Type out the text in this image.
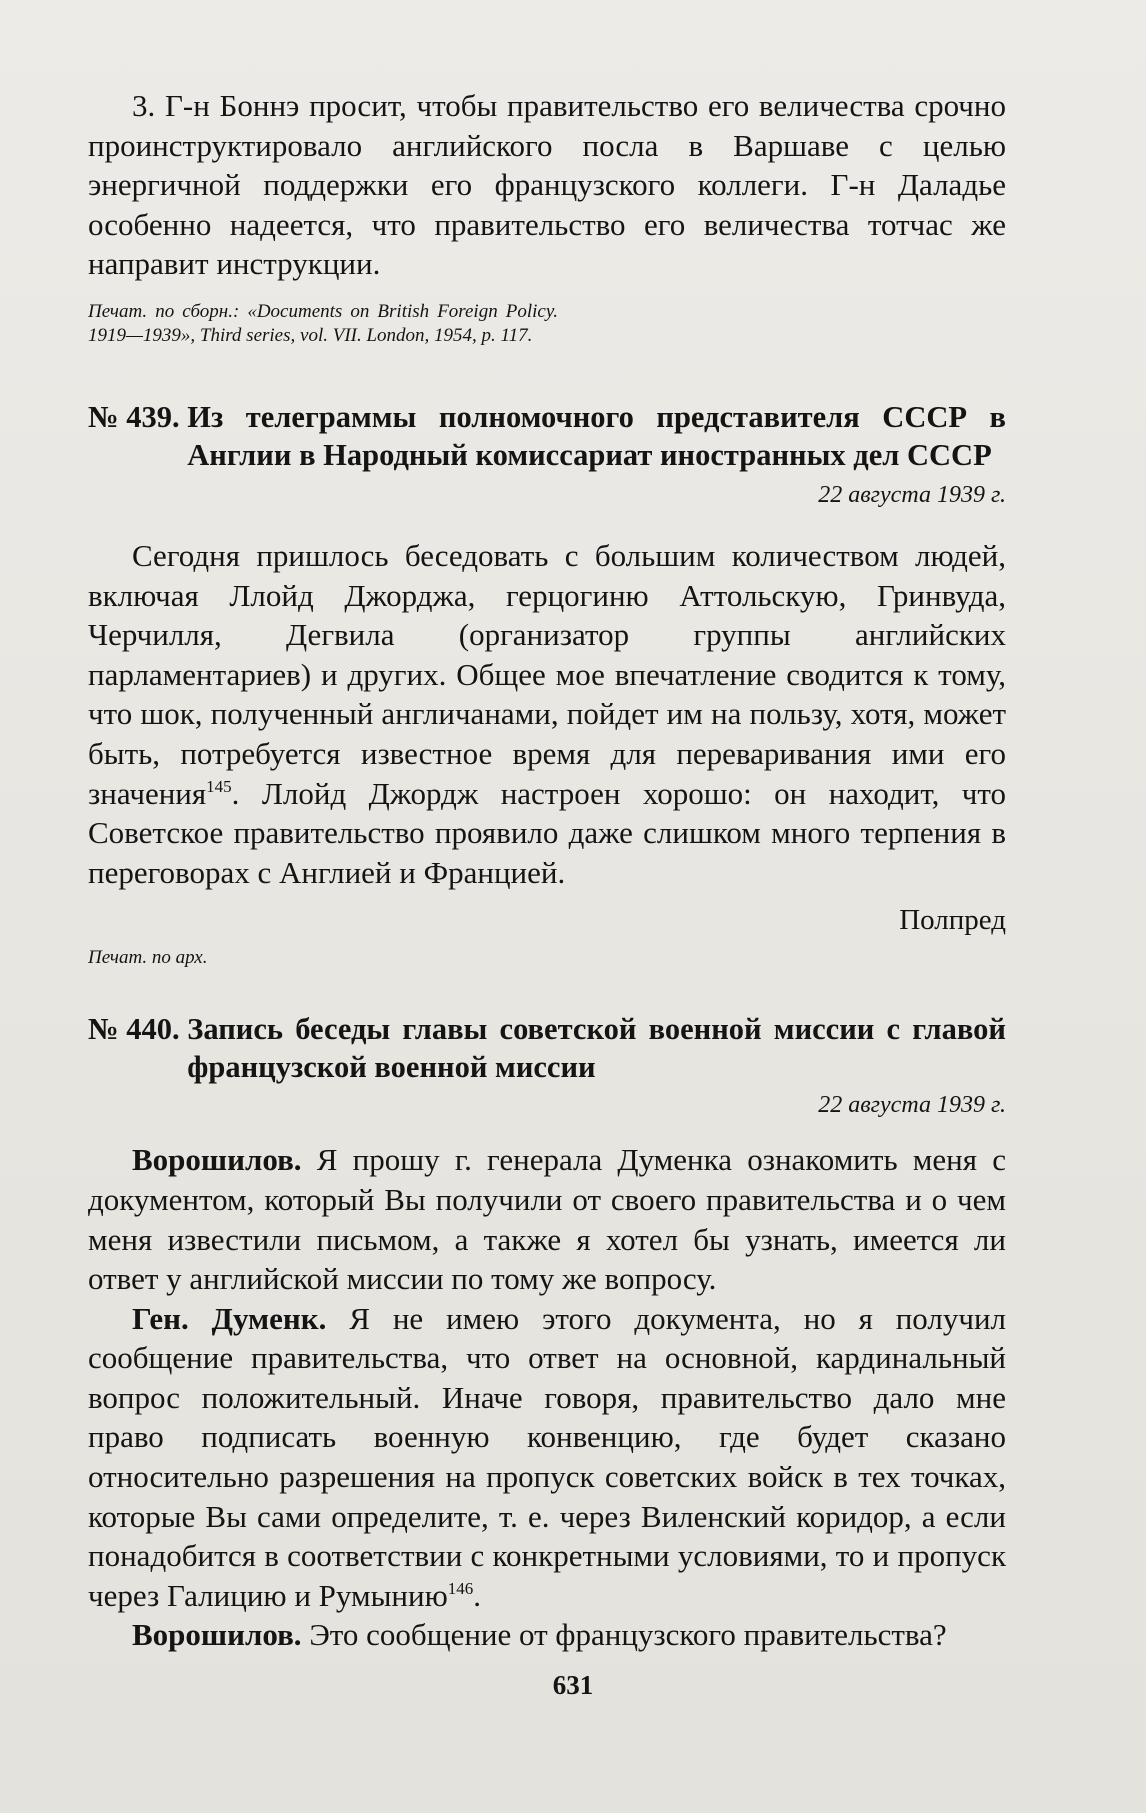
3. Г-н Боннэ просит, чтобы правительство его величества срочно проинструктировало английского посла в Варшаве с целью энергичной поддержки его французского коллеги. Г-н Даладье особенно надеется, что правительство его величества тотчас же направит инструкции.

Печат. по сборн.: «Documents on British Foreign Policy. 1919—1939», Third series, vol. VII. London, 1954, p. 117.

№ 439.
Из телеграммы полномочного представителя СССР в Англии в Народный комиссариат иностранных дел СССР
22 августа 1939 г.

Сегодня пришлось беседовать с большим количеством людей, включая Ллойд Джорджа, герцогиню Аттольскую, Гринвуда, Черчилля, Дегвила (организатор группы английских парламентариев) и других. Общее мое впечатление сводится к тому, что шок, полученный англичанами, пойдет им на пользу, хотя, может быть, потребуется известное время для переваривания ими его значения$^{145}$. Ллойд Джордж настроен хорошо: он находит, что Советское правительство проявило даже слишком много терпения в переговорах с Англией и Францией.

Полпред

Печат. по арх.

№ 440.
Запись беседы главы советской военной миссии с главой французской военной миссии
22 августа 1939 г.

Ворошилов. Я прошу г. генерала Думенка ознакомить меня с документом, который Вы получили от своего правительства и о чем меня известили письмом, а также я хотел бы узнать, имеется ли ответ у английской миссии по тому же вопросу.

Ген. Думенк. Я не имею этого документа, но я получил сообщение правительства, что ответ на основной, кардинальный вопрос положительный. Иначе говоря, правительство дало мне право подписать военную конвенцию, где будет сказано относительно разрешения на пропуск советских войск в тех точках, которые Вы сами определите, т. е. через Виленский коридор, а если понадобится в соответствии с конкретными условиями, то и пропуск через Галицию и Румынию$^{146}$.

Ворошилов. Это сообщение от французского правительства?

631
